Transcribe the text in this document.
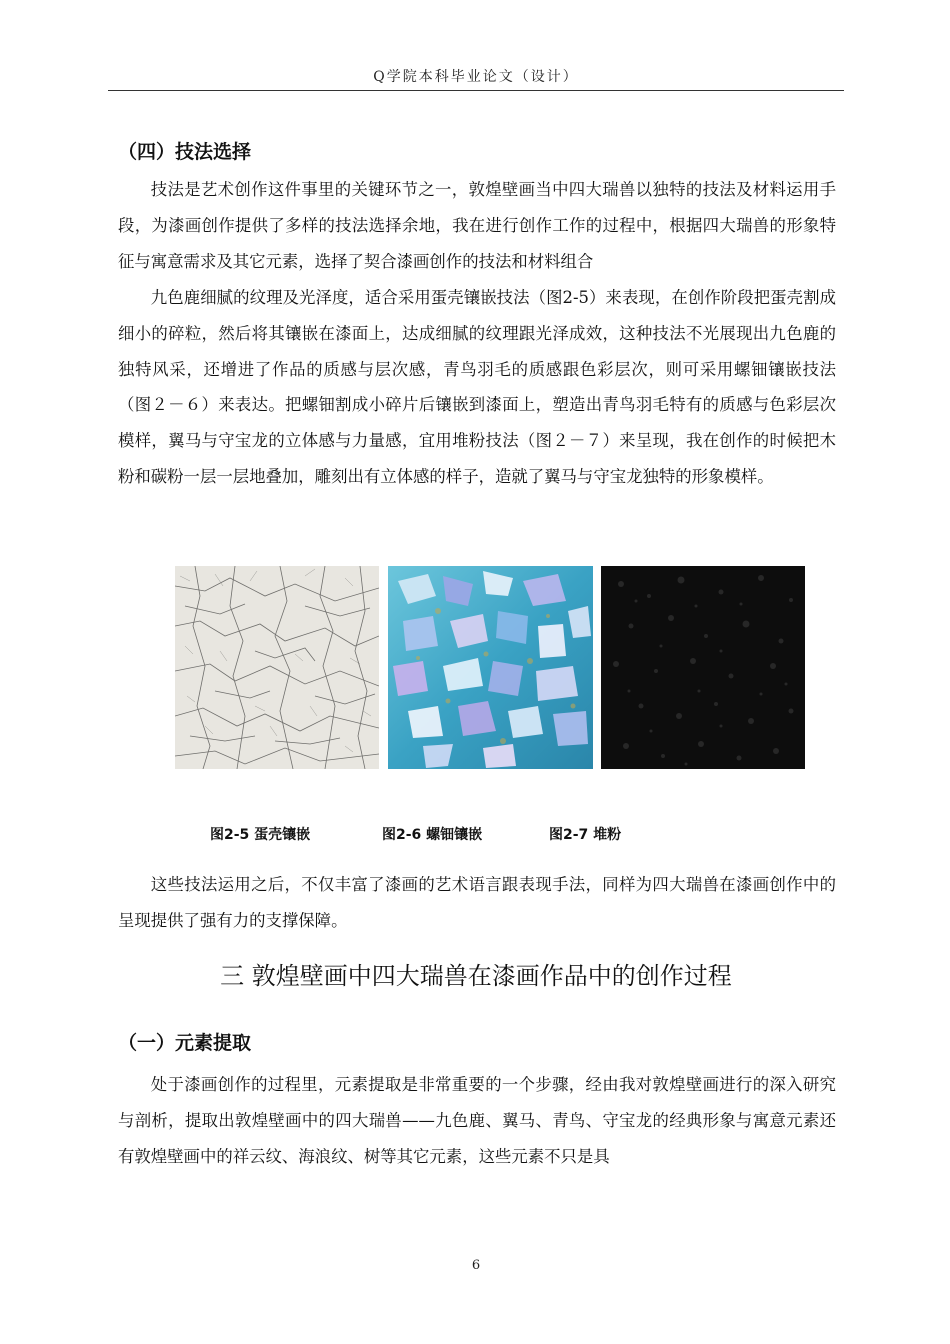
Q学院本科毕业论文（设计）
（四）技法选择

技法是艺术创作这件事里的关键环节之一，敦煌壁画当中四大瑞兽以独特的技法及材料运用手段，为漆画创作提供了多样的技法选择余地，我在进行创作工作的过程中，根据四大瑞兽的形象特征与寓意需求及其它元素，选择了契合漆画创作的技法和材料组合

九色鹿细腻的纹理及光泽度，适合采用蛋壳镶嵌技法（图2-5）来表现，在创作阶段把蛋壳割成细小的碎粒，然后将其镶嵌在漆面上，达成细腻的纹理跟光泽成效，这种技法不光展现出九色鹿的独特风采，还增进了作品的质感与层次感，青鸟羽毛的质感跟色彩层次，则可采用螺钿镶嵌技法（图２－６）来表达。把螺钿割成小碎片后镶嵌到漆面上，塑造出青鸟羽毛特有的质感与色彩层次模样，翼马与守宝龙的立体感与力量感，宜用堆粉技法（图２－７）来呈现，我在创作的时候把木粉和碳粉一层一层地叠加，雕刻出有立体感的样子，造就了翼马与守宝龙独特的形象模样。

图2-5 蛋壳镶嵌	图2-6 螺钿镶嵌	图2-7 堆粉

这些技法运用之后，不仅丰富了漆画的艺术语言跟表现手法，同样为四大瑞兽在漆画创作中的呈现提供了强有力的支撑保障。

三 敦煌壁画中四大瑞兽在漆画作品中的创作过程
（一）元素提取

处于漆画创作的过程里，元素提取是非常重要的一个步骤，经由我对敦煌壁画进行的深入研究与剖析，提取出敦煌壁画中的四大瑞兽——九色鹿、翼马、青鸟、守宝龙的经典形象与寓意元素还有敦煌壁画中的祥云纹、海浪纹、树等其它元素，这些元素不只是具

6
